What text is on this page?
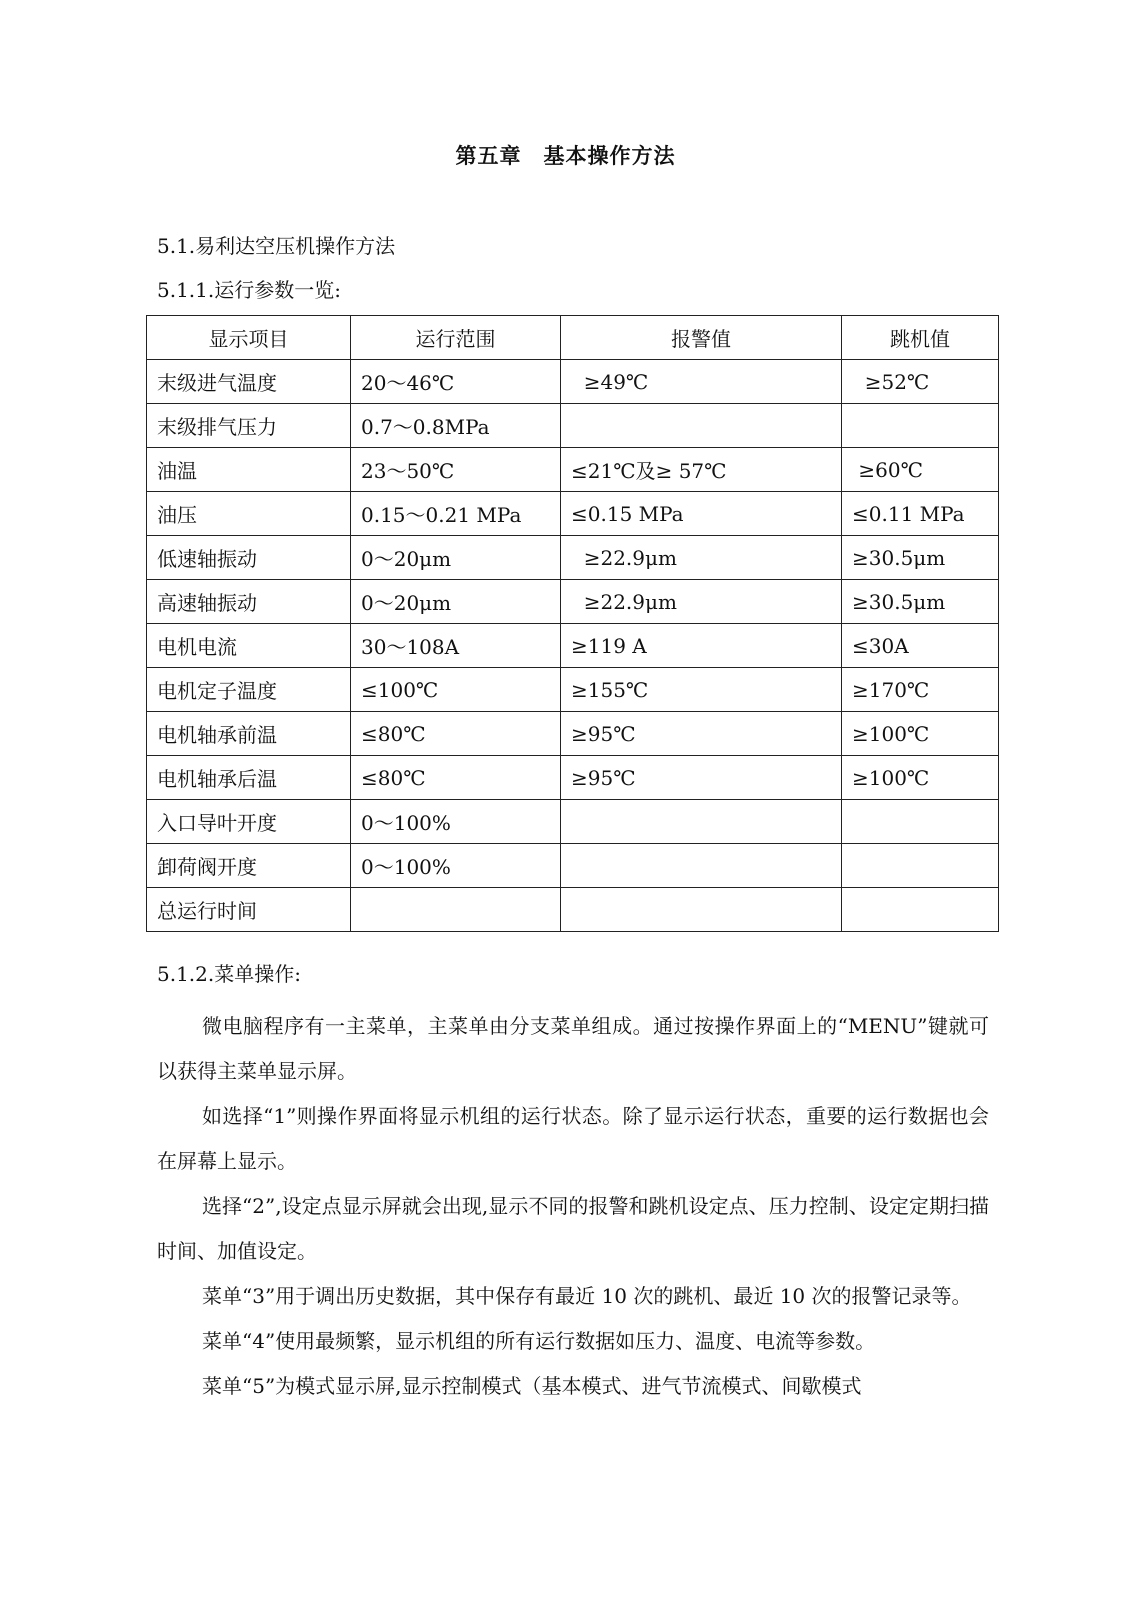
第五章　基本操作方法
5.1.易利达空压机操作方法
5.1.1.运行参数一览:
显示项目	运行范围	报警值	跳机值
末级进气温度	20～46℃	≥49℃	≥52℃
末级排气压力	0.7～0.8MPa		
油温	23～50℃	≤21℃及≥ 57℃	≥60℃
油压	0.15～0.21 MPa	≤0.15 MPa	≤0.11 MPa
低速轴振动	0～20μm	≥22.9μm	≥30.5μm
高速轴振动	0～20μm	≥22.9μm	≥30.5μm
电机电流	30～108A	≥119 A	≤30A
电机定子温度	≤100℃	≥155℃	≥170℃
电机轴承前温	≤80℃	≥95℃	≥100℃
电机轴承后温	≤80℃	≥95℃	≥100℃
入口导叶开度	0～100%		
卸荷阀开度	0～100%		
总运行时间			
5.1.2.菜单操作:

微电脑程序有一主菜单，主菜单由分支菜单组成。通过按操作界面上的“MENU”键就可以获得主菜单显示屏。

如选择“1”则操作界面将显示机组的运行状态。除了显示运行状态，重要的运行数据也会在屏幕上显示。

选择“2”,设定点显示屏就会出现,显示不同的报警和跳机设定点、压力控制、设定定期扫描时间、加值设定。

菜单“3”用于调出历史数据，其中保存有最近 10 次的跳机、最近 10 次的报警记录等。

菜单“4”使用最频繁，显示机组的所有运行数据如压力、温度、电流等参数。

菜单“5”为模式显示屏,显示控制模式（基本模式、进气节流模式、间歇模式
